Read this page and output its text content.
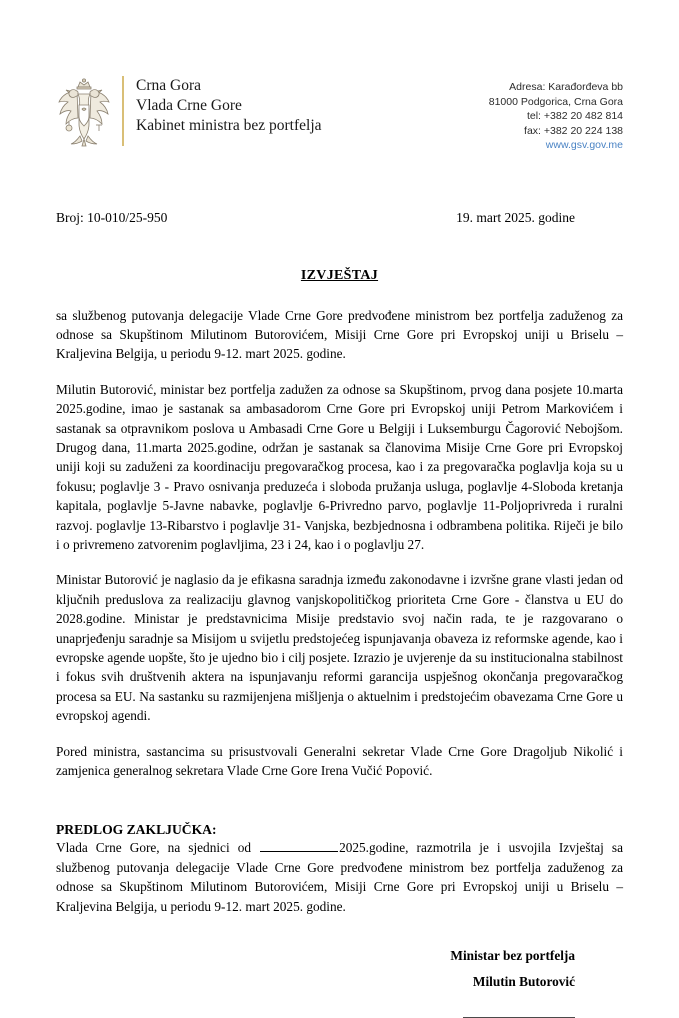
Crna Gora
Vlada Crne Gore
Kabinet ministra bez portfelja
Adresa: Karađorđeva bb
81000 Podgorica, Crna Gora
tel: +382 20 482 814
fax: +382 20 224 138
www.gsv.gov.me
Broj: 10-010/25-950	19. mart 2025. godine
IZVJEŠTAJ

sa službenog putovanja delegacije Vlade Crne Gore predvođene ministrom bez portfelja zaduženog za odnose sa Skupštinom Milutinom Butorovićem, Misiji Crne Gore pri Evropskoj uniji u Briselu – Kraljevina Belgija, u periodu 9-12. mart 2025. godine.

Milutin Butorović, ministar bez portfelja zadužen za odnose sa Skupštinom, prvog dana posjete 10.marta 2025.godine, imao je sastanak sa ambasadorom Crne Gore pri Evropskoj uniji Petrom Markovićem i sastanak sa otpravnikom poslova u Ambasadi Crne Gore u Belgiji i Luksemburgu Čagorović Nebojšom. Drugog dana, 11.marta 2025.godine, održan je sastanak sa članovima Misije Crne Gore pri Evropskoj uniji koji su zaduženi za koordinaciju pregovaračkog procesa, kao i za pregovaračka poglavlja koja su u fokusu; poglavlje 3 - Pravo osnivanja preduzeća i sloboda pružanja usluga, poglavlje 4-Sloboda kretanja kapitala, poglavlje 5-Javne nabavke, poglavlje 6-Privredno parvo, poglavlje 11-Poljoprivreda i ruralni razvoj. poglavlje 13-Ribarstvo i poglavlje 31- Vanjska, bezbjednosna i odbrambena politika. Riječi je bilo i o privremeno zatvorenim poglavljima, 23 i 24, kao i o poglavlju 27.

Ministar Butorović je naglasio da je efikasna saradnja između zakonodavne i izvršne grane vlasti jedan od ključnih preduslova za realizaciju glavnog vanjskopolitičkog prioriteta Crne Gore - članstva u EU do 2028.godine. Ministar je predstavnicima Misije predstavio svoj način rada, te je razgovarano o unaprjeđenju saradnje sa Misijom u svijetlu predstojećeg ispunjavanja obaveza iz reformske agende, kao i evropske agende uopšte, što je ujedno bio i cilj posjete. Izrazio je uvjerenje da su institucionalna stabilnost i fokus svih društvenih aktera na ispunjavanju reformi garancija uspješnog okončanja pregovaračkog procesa sa EU. Na sastanku su razmijenjena mišljenja o aktuelnim i predstojećim obavezama Crne Gore u evropskoj agendi.

Pored ministra, sastancima su prisustvovali Generalni sekretar Vlade Crne Gore Dragoljub Nikolić i zamjenica generalnog sekretara Vlade Crne Gore Irena Vučić Popović.

PREDLOG ZAKLJUČKA:

Vlada Crne Gore, na sjednici od	2025.godine, razmotrila je i usvojila Izvještaj sa službenog putovanja delegacije Vlade Crne Gore predvođene ministrom bez portfelja zaduženog za odnose sa Skupštinom Milutinom Butorovićem, Misiji Crne Gore pri Evropskoj uniji u Briselu – Kraljevina Belgija, u periodu 9-12. mart 2025. godine.

Ministar bez portfelja
Milutin Butorović
